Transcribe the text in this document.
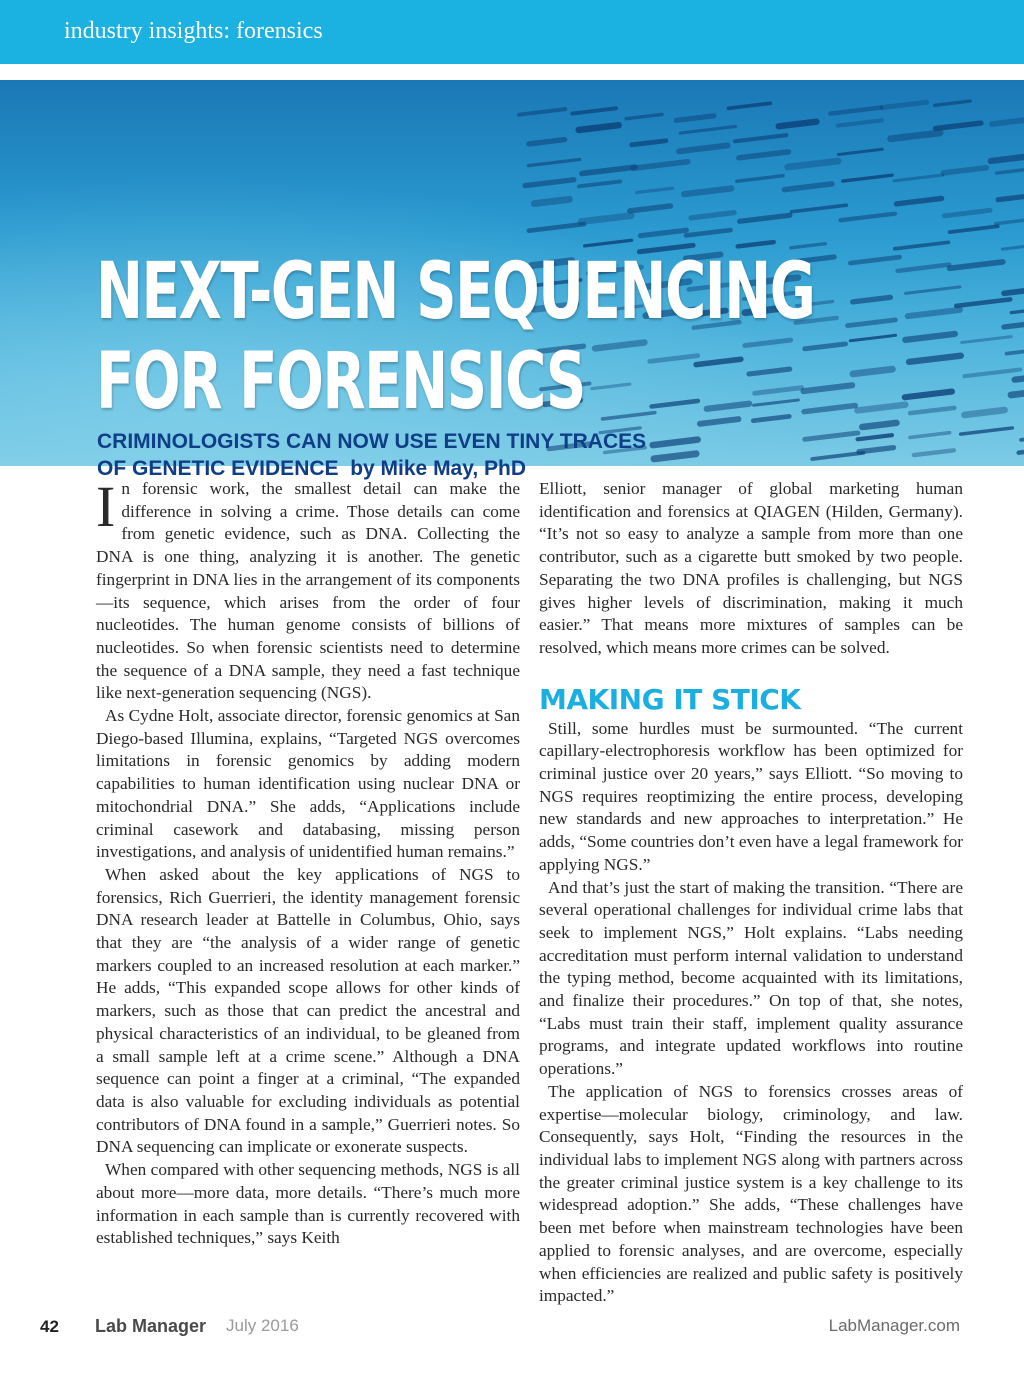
industry insights: forensics
NEXT-GEN SEQUENCING
FOR FORENSICS

CRIMINOLOGISTS CAN NOW USE EVEN TINY TRACES
OF GENETIC EVIDENCE by Mike May, PhD

In forensic work, the smallest detail can make the difference in solving a crime. Those details can come from genetic evidence, such as DNA. Collecting the DNA is one thing, analyzing it is another. The genetic fingerprint in DNA lies in the arrangement of its components—its sequence, which arises from the order of four nucleotides. The human genome consists of billions of nucleotides. So when forensic scientists need to determine the sequence of a DNA sample, they need a fast technique like next-generation sequencing (NGS).

As Cydne Holt, associate director, forensic genomics at San Diego-based Illumina, explains, “Targeted NGS overcomes limitations in forensic genomics by adding modern capabilities to human identification using nuclear DNA or mitochondrial DNA.” She adds, “Applications include criminal casework and databasing, missing person investigations, and analysis of unidentified human remains.”

When asked about the key applications of NGS to forensics, Rich Guerrieri, the identity management forensic DNA research leader at Battelle in Columbus, Ohio, says that they are “the analysis of a wider range of genetic markers coupled to an increased resolution at each marker.” He adds, “This expanded scope allows for other kinds of markers, such as those that can predict the ancestral and physical characteristics of an individual, to be gleaned from a small sample left at a crime scene.” Although a DNA sequence can point a finger at a criminal, “The expanded data is also valuable for excluding individuals as potential contributors of DNA found in a sample,” Guerrieri notes. So DNA sequencing can implicate or exonerate suspects.

When compared with other sequencing methods, NGS is all about more—more data, more details. “There’s much more information in each sample than is currently recovered with established techniques,” says Keith

Elliott, senior manager of global marketing human identification and forensics at QIAGEN (Hilden, Germany). “It’s not so easy to analyze a sample from more than one contributor, such as a cigarette butt smoked by two people. Separating the two DNA profiles is challenging, but NGS gives higher levels of discrimination, making it much easier.” That means more mixtures of samples can be resolved, which means more crimes can be solved.

MAKING IT STICK

Still, some hurdles must be surmounted. “The current capillary-electrophoresis workflow has been optimized for criminal justice over 20 years,” says Elliott. “So moving to NGS requires reoptimizing the entire process, developing new standards and new approaches to interpretation.” He adds, “Some countries don’t even have a legal framework for applying NGS.”

And that’s just the start of making the transition. “There are several operational challenges for individual crime labs that seek to implement NGS,” Holt explains. “Labs needing accreditation must perform internal validation to understand the typing method, become acquainted with its limitations, and finalize their procedures.” On top of that, she notes, “Labs must train their staff, implement quality assurance programs, and integrate updated workflows into routine operations.”

The application of NGS to forensics crosses areas of expertise—molecular biology, criminology, and law. Consequently, says Holt, “Finding the resources in the individual labs to implement NGS along with partners across the greater criminal justice system is a key challenge to its widespread adoption.” She adds, “These challenges have been met before when mainstream technologies have been applied to forensic analyses, and are overcome, especially when efficiencies are realized and public safety is positively impacted.”

42 Lab Manager July 2016	LabManager.com
